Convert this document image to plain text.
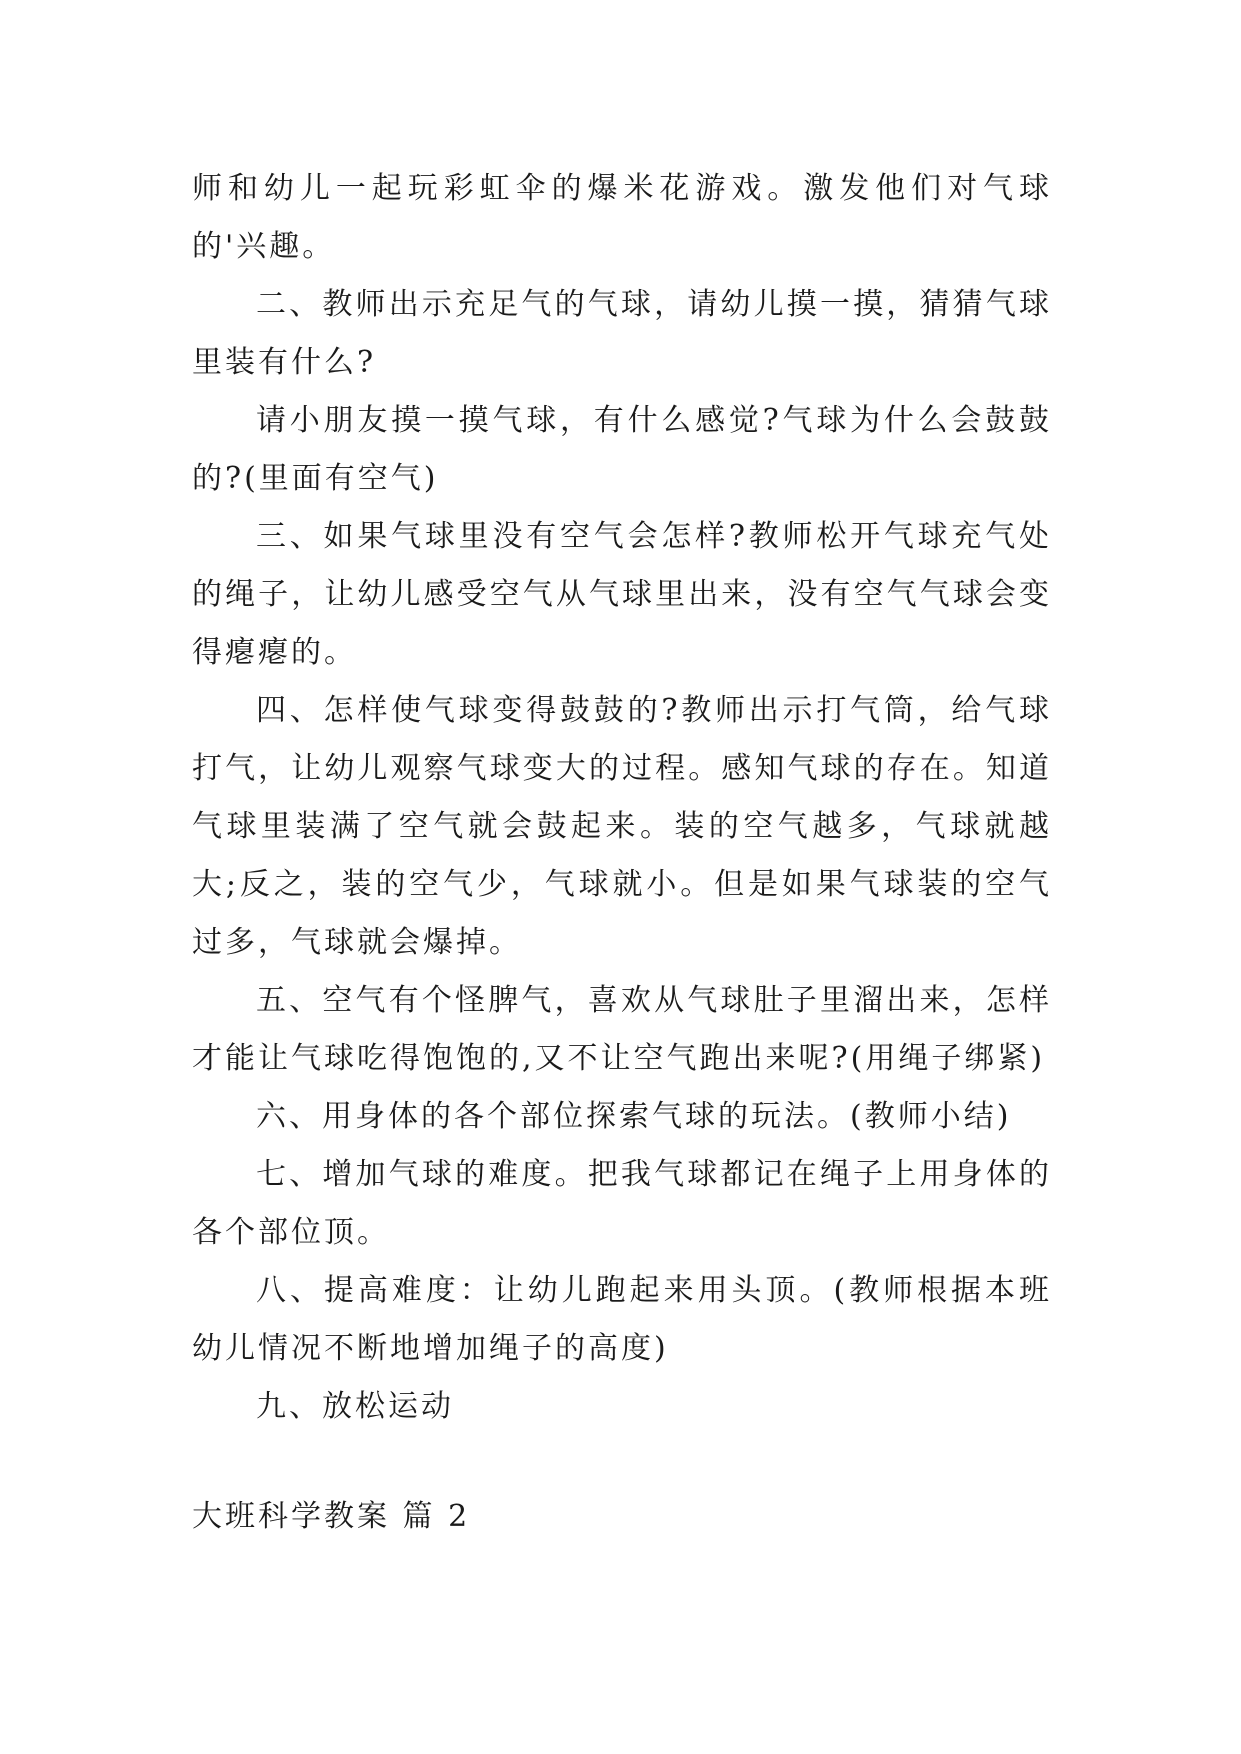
师和幼儿一起玩彩虹伞的爆米花游戏。激发他们对气球的'兴趣。

二、教师出示充足气的气球，请幼儿摸一摸，猜猜气球里装有什么?

请小朋友摸一摸气球，有什么感觉?气球为什么会鼓鼓的?(里面有空气)

三、如果气球里没有空气会怎样?教师松开气球充气处的绳子，让幼儿感受空气从气球里出来，没有空气气球会变得瘪瘪的。

四、怎样使气球变得鼓鼓的?教师出示打气筒，给气球打气，让幼儿观察气球变大的过程。感知气球的存在。知道气球里装满了空气就会鼓起来。装的空气越多，气球就越大;反之，装的空气少，气球就小。但是如果气球装的空气过多，气球就会爆掉。

五、空气有个怪脾气，喜欢从气球肚子里溜出来，怎样才能让气球吃得饱饱的,又不让空气跑出来呢?(用绳子绑紧)

六、用身体的各个部位探索气球的玩法。(教师小结)

七、增加气球的难度。把我气球都记在绳子上用身体的各个部位顶。

八、提高难度：让幼儿跑起来用头顶。(教师根据本班幼儿情况不断地增加绳子的高度)

九、放松运动

大班科学教案 篇 2
